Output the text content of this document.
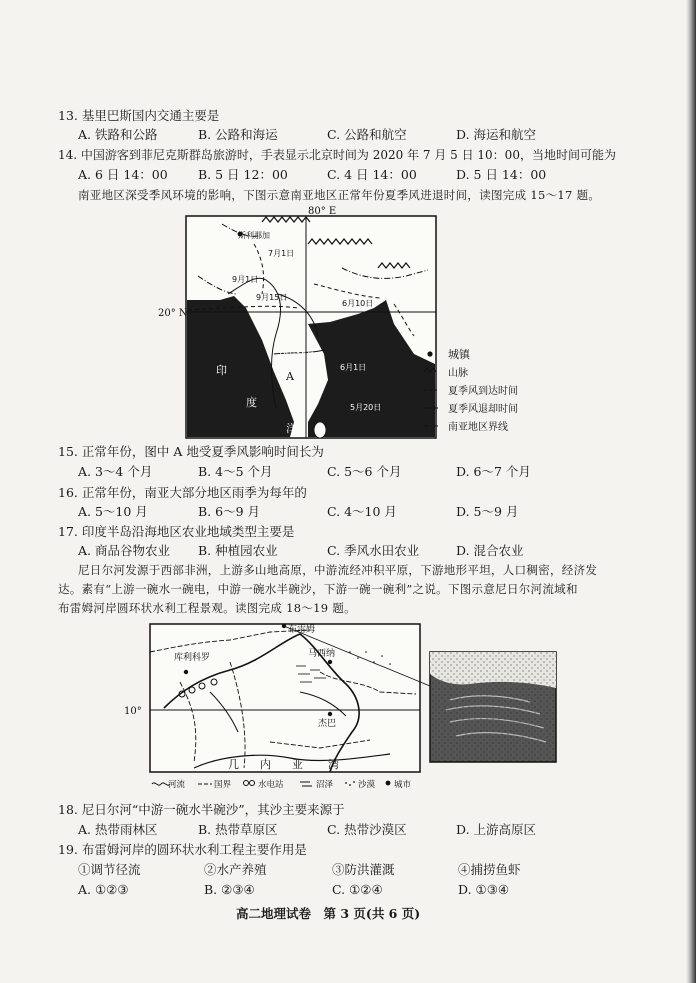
13. 基里巴斯国内交通主要是
A. 铁路和公路	B. 公路和海运	C. 公路和航空	D. 海运和航空
14. 中国游客到菲尼克斯群岛旅游时，手表显示北京时间为 2020 年 7 月 5 日 10：00，当地时间可能为
A. 6 日 14：00 B. 5 日 12：00	C. 4 日 14：00	D. 5 日 14：00
南亚地区深受季风环境的影响，下图示意南亚地区正常年份夏季风进退时间，读图完成 15～17 题。
80° E
20° N
斯利那加
7月1日
9月1日
9月15日
6月10日
10月15日
6月1日
5月20日
A
印
度
洋
城镇
山脉
夏季风到达时间
夏季风退却时间
南亚地区界线
15. 正常年份，图中 A 地受夏季风影响时间长为
A. 3～4 个月	B. 4～5 个月	C. 5～6 个月	D. 6～7 个月
16. 正常年份，南亚大部分地区雨季为每年的
A. 5～10 月	B. 6～9 月	C. 4～10 月	D. 5～9 月
17. 印度半岛沿海地区农业地域类型主要是
A. 商品谷物农业 B. 种植园农业	C. 季风水田农业	D. 混合农业
尼日尔河发源于西部非洲，上游多山地高原，中游流经冲积平原，下游地形平坦，人口稠密，经济发
达。素有“上游一碗水一碗电，中游一碗水半碗沙，下游一碗一碗利”之说。下图示意尼日尔河流域和
布雷姆河岸圆环状水利工程景观。读图完成 18～19 题。
10°
布雷姆
库利科罗	马西纳
杰巴
几 内 亚 湾
河流	国界	水电站	沼泽	沙漠 城市
18. 尼日尔河“中游一碗水半碗沙”，其沙主要来源于
A. 热带雨林区	B. 热带草原区	C. 热带沙漠区	D. 上游高原区
19. 布雷姆河岸的圆环状水利工程主要作用是
①调节径流	②水产养殖	③防洪灌溉	④捕捞鱼虾
A. ①②③	B. ②③④	C. ①②④	D. ①③④
高二地理试卷　第 3 页(共 6 页)
